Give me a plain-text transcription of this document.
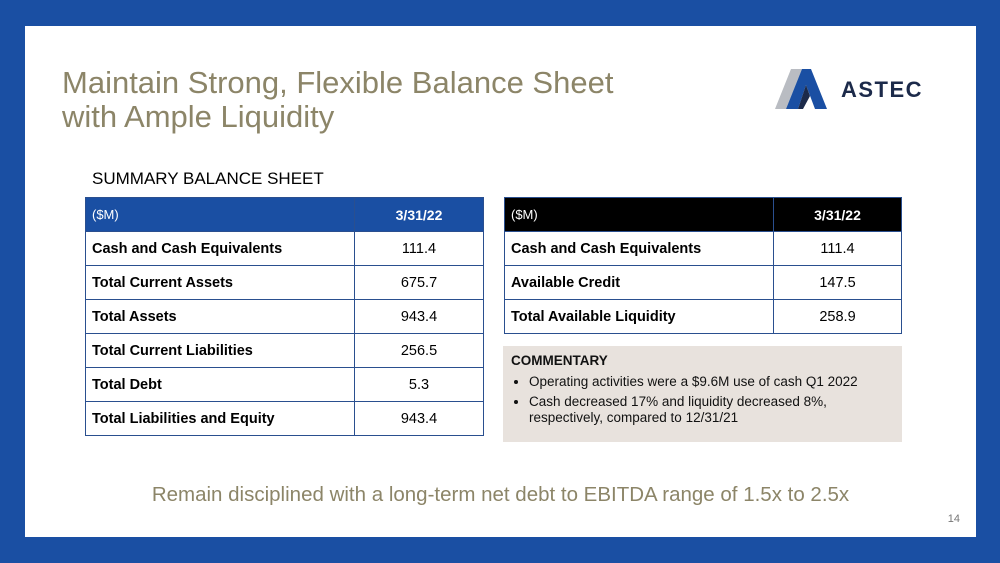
Maintain Strong, Flexible Balance Sheet
with Ample Liquidity
ASTEC
SUMMARY BALANCE SHEET
($M)	3/31/22
Cash and Cash Equivalents	111.4
Total Current Assets	675.7
Total Assets	943.4
Total Current Liabilities	256.5
Total Debt	5.3
Total Liabilities and Equity	943.4
($M)	3/31/22
Cash and Cash Equivalents	111.4
Available Credit	147.5
Total Available Liquidity	258.9
COMMENTARY
• Operating activities were a $9.6M use of cash Q1 2022
• Cash decreased 17% and liquidity decreased 8%, respectively, compared to 12/31/21
Remain disciplined with a long-term net debt to EBITDA range of 1.5x to 2.5x
14
